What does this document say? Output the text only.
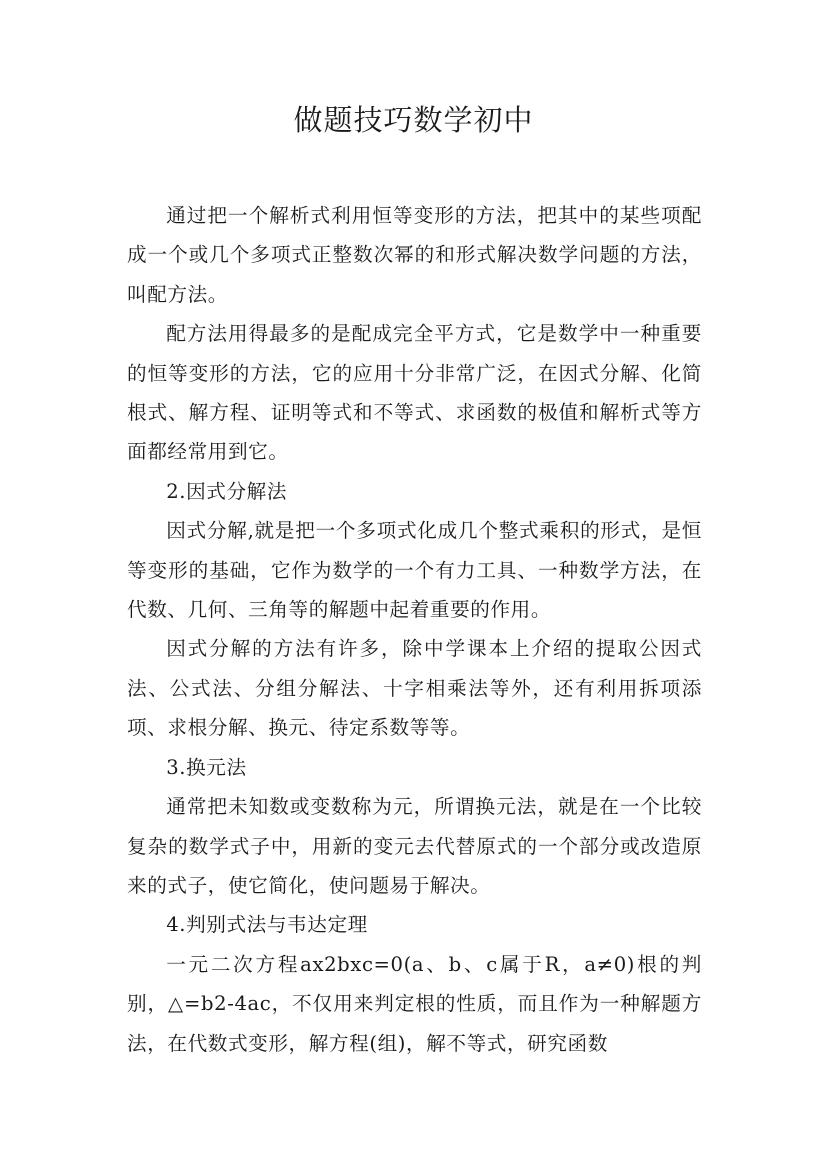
做题技巧数学初中

通过把一个解析式利用恒等变形的方法，把其中的某些项配成一个或几个多项式正整数次幂的和形式解决数学问题的方法，叫配方法。

配方法用得最多的是配成完全平方式，它是数学中一种重要的恒等变形的方法，它的应用十分非常广泛，在因式分解、化简根式、解方程、证明等式和不等式、求函数的极值和解析式等方面都经常用到它。

2.因式分解法

因式分解,就是把一个多项式化成几个整式乘积的形式，是恒等变形的基础，它作为数学的一个有力工具、一种数学方法，在代数、几何、三角等的解题中起着重要的作用。

因式分解的方法有许多，除中学课本上介绍的提取公因式法、公式法、分组分解法、十字相乘法等外，还有利用拆项添项、求根分解、换元、待定系数等等。

3.换元法

通常把未知数或变数称为元，所谓换元法，就是在一个比较复杂的数学式子中，用新的变元去代替原式的一个部分或改造原来的式子，使它简化，使问题易于解决。

4.判别式法与韦达定理

一元二次方程ax2bxc=0(a、b、c属于R，a≠0)根的判别，△=b2-4ac，不仅用来判定根的性质，而且作为一种解题方法，在代数式变形，解方程(组)，解不等式，研究函数
